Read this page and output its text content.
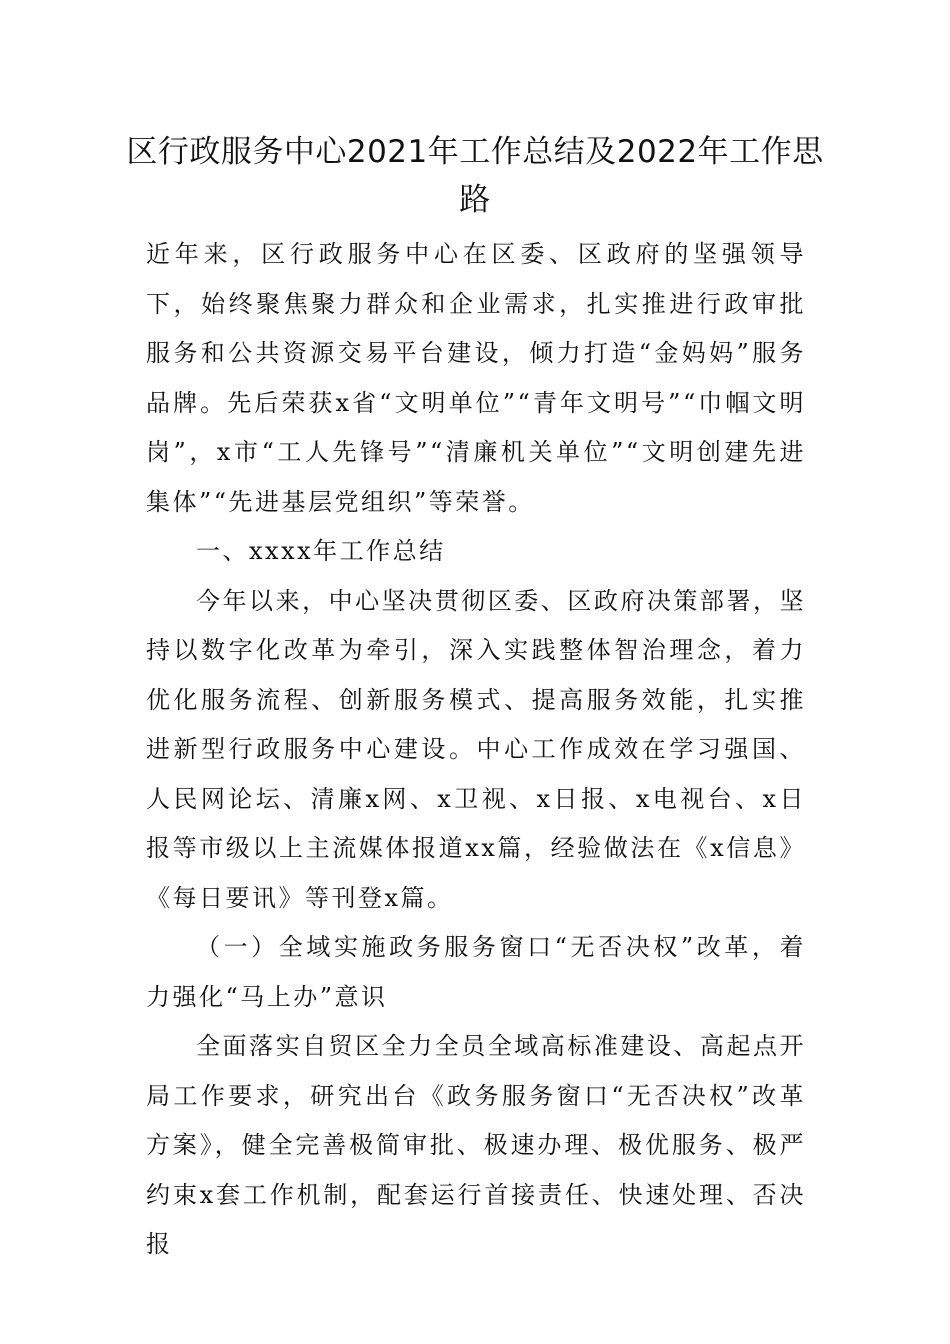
区行政服务中心2021年工作总结及2022年工作思路

近年来，区行政服务中心在区委、区政府的坚强领导下，始终聚焦聚力群众和企业需求，扎实推进行政审批服务和公共资源交易平台建设，倾力打造“金妈妈”服务品牌。先后荣获x省“文明单位”“青年文明号”“巾帼文明岗”，x市“工人先锋号”“清廉机关单位”“文明创建先进集体”“先进基层党组织”等荣誉。

一、xxxx年工作总结

今年以来，中心坚决贯彻区委、区政府决策部署，坚持以数字化改革为牵引，深入实践整体智治理念，着力优化服务流程、创新服务模式、提高服务效能，扎实推进新型行政服务中心建设。中心工作成效在学习强国、人民网论坛、清廉x网、x卫视、x日报、x电视台、x日报等市级以上主流媒体报道xx篇，经验做法在《x信息》《每日要讯》等刊登x篇。

（一）全域实施政务服务窗口“无否决权”改革，着力强化“马上办”意识

全面落实自贸区全力全员全域高标准建设、高起点开局工作要求，研究出台《政务服务窗口“无否决权”改革方案》，健全完善极简审批、极速办理、极优服务、极严约束x套工作机制，配套运行首接责任、快速处理、否决报
